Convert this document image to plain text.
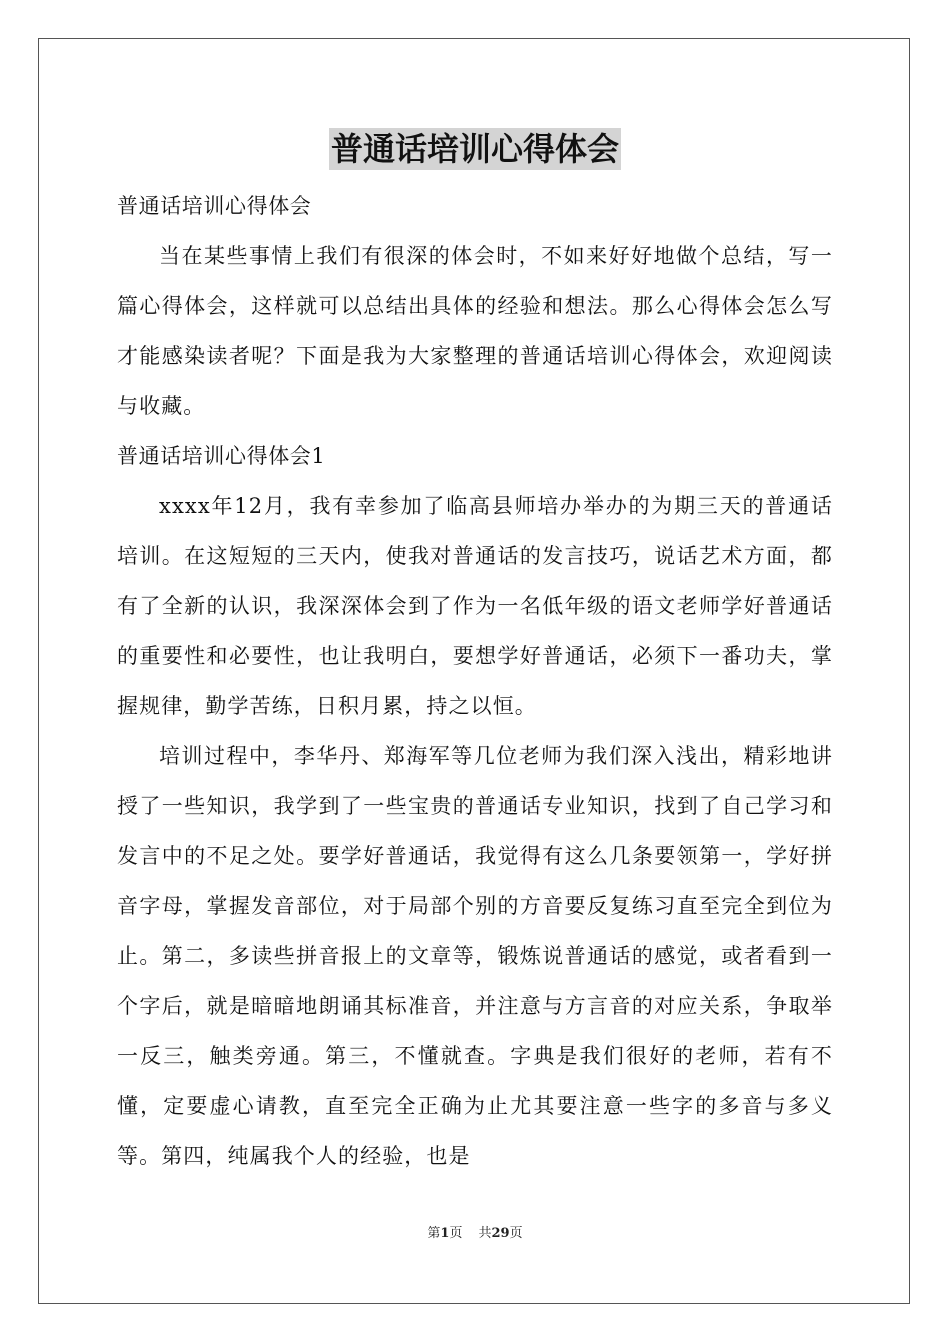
普通话培训心得体会

普通话培训心得体会

当在某些事情上我们有很深的体会时，不如来好好地做个总结，写一篇心得体会，这样就可以总结出具体的经验和想法。那么心得体会怎么写才能感染读者呢？下面是我为大家整理的普通话培训心得体会，欢迎阅读与收藏。

普通话培训心得体会1

xxxx年12月，我有幸参加了临高县师培办举办的为期三天的普通话培训。在这短短的三天内，使我对普通话的发言技巧，说话艺术方面，都有了全新的认识，我深深体会到了作为一名低年级的语文老师学好普通话的重要性和必要性，也让我明白，要想学好普通话，必须下一番功夫，掌握规律，勤学苦练，日积月累，持之以恒。

培训过程中，李华丹、郑海军等几位老师为我们深入浅出，精彩地讲授了一些知识，我学到了一些宝贵的普通话专业知识，找到了自己学习和发言中的不足之处。要学好普通话，我觉得有这么几条要领第一，学好拼音字母，掌握发音部位，对于局部个别的方音要反复练习直至完全到位为止。第二，多读些拼音报上的文章等，锻炼说普通话的感觉，或者看到一个字后，就是暗暗地朗诵其标准音，并注意与方言音的对应关系，争取举一反三，触类旁通。第三，不懂就查。字典是我们很好的老师，若有不懂，定要虚心请教，直至完全正确为止尤其要注意一些字的多音与多义等。第四，纯属我个人的经验，也是

第1页 共29页
